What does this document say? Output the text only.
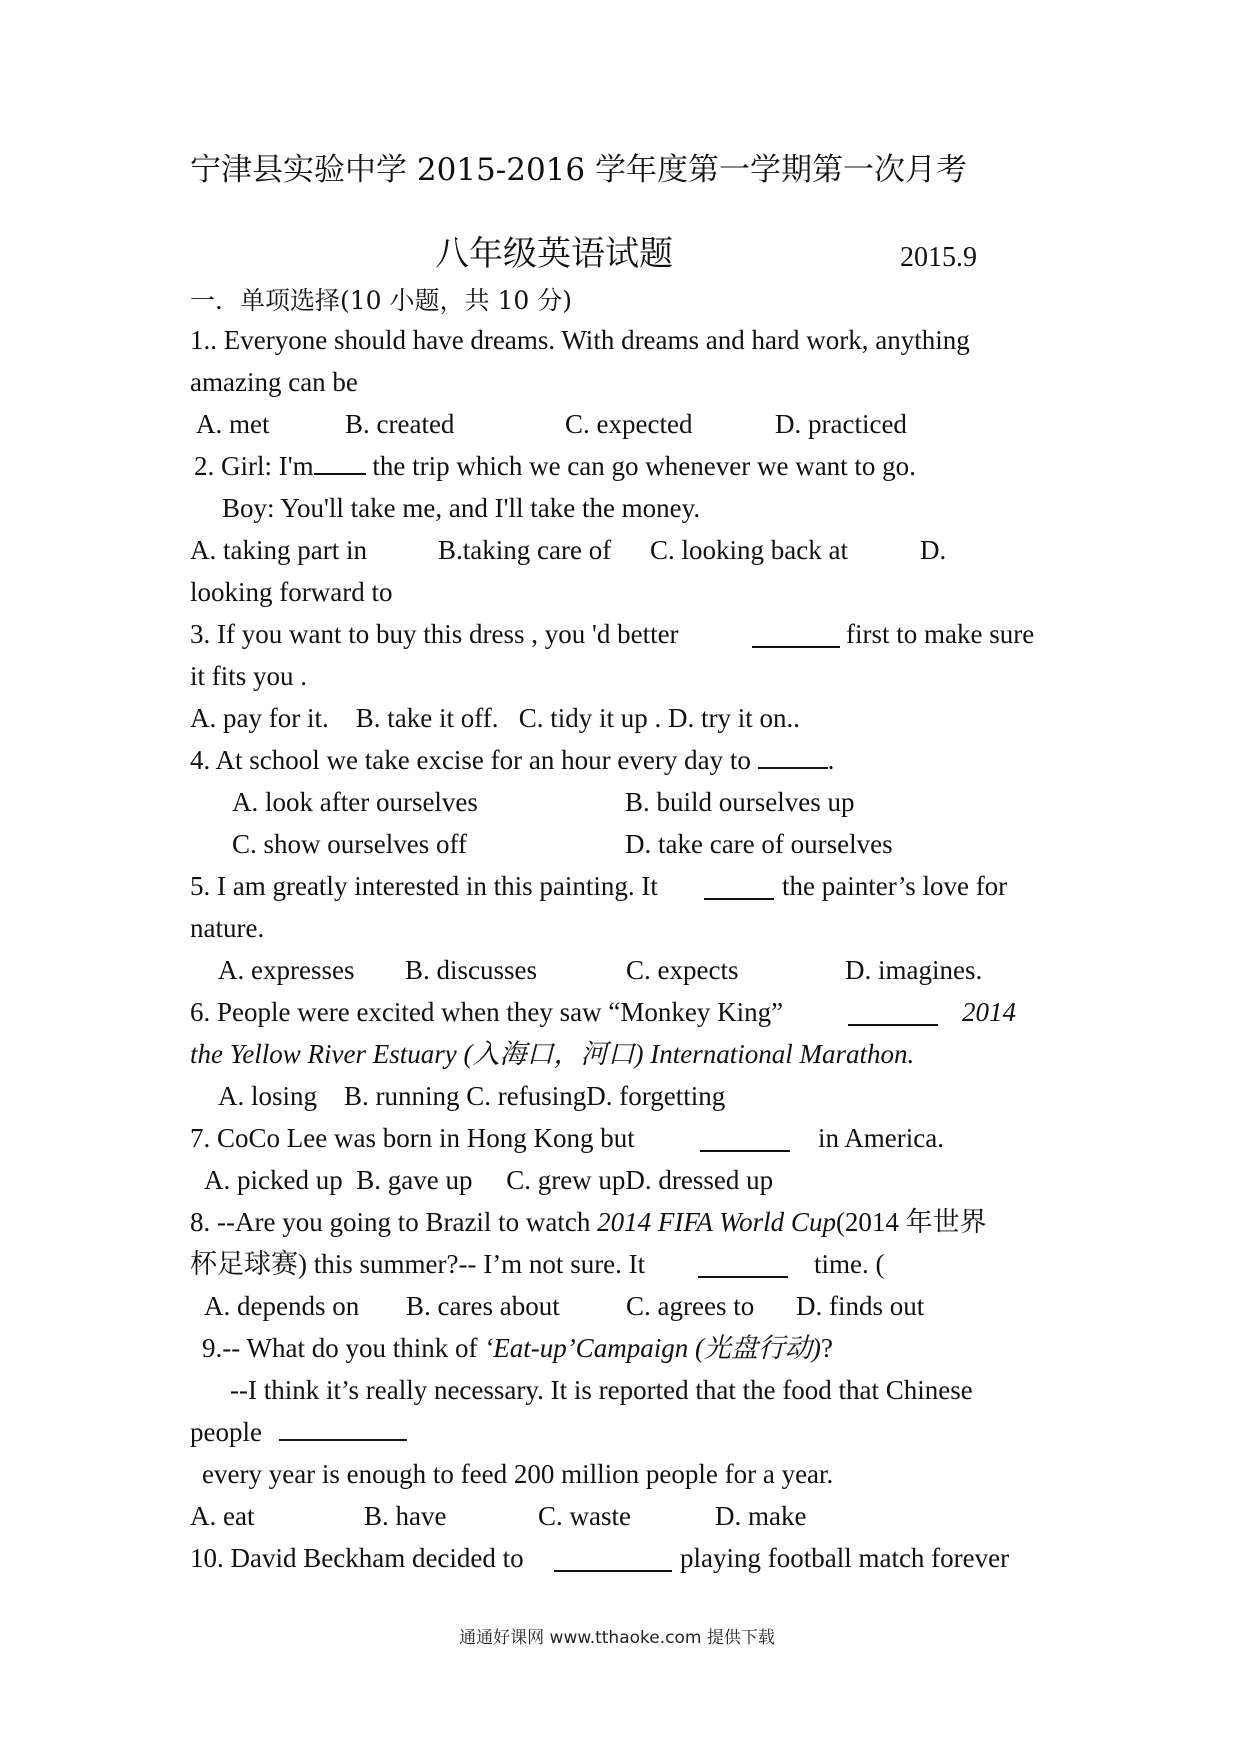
宁津县实验中学 2015-2016 学年度第一学期第一次月考
八年级英语试题	2015.9
一．单项选择(10 小题，共 10 分)
1.. Everyone should have dreams. With dreams and hard work, anything
amazing can be
A. met	B. created	C. expected	D. practiced
2. Girl: I'm the trip which we can go whenever we want to go.
Boy: You'll take me, and I'll take the money.
A. taking part in	B.taking care of C. looking back at	D.
looking forward to
3. If you want to buy this dress , you 'd better	first to make sure
it fits you .
A. pay for it.    B. take it off.   C. tidy it up . D. try it on..
4. At school we take excise for an hour every day to	.
A. look after ourselves	B. build ourselves up
C. show ourselves off	D. take care of ourselves
5. I am greatly interested in this painting. It	the painter’s love for
nature.
A. expresses B. discusses	C. expects	D. imagines.
6. People were excited when they saw “Monkey King”	2014
the Yellow River Estuary (入海口，河口) International Marathon.
A. losing    B. running C. refusingD. forgetting
7. CoCo Lee was born in Hong Kong but	in America.
A. picked up  B. gave up     C. grew upD. dressed up
8. --Are you going to Brazil to watch 2014 FIFA World Cup(2014 年世界
杯足球赛) this summer?-- I’m not sure. It	time. (
A. depends on B. cares about C. agrees to D. finds out
9.-- What do you think of ‘Eat-up’Campaign (光盘行动)?
--I think it’s really necessary. It is reported that the food that Chinese
people
every year is enough to feed 200 million people for a year.
A. eat	B. have	C. waste	D. make
10. David Beckham decided to	playing football match forever
通通好课网 www.tthaoke.com 提供下载
